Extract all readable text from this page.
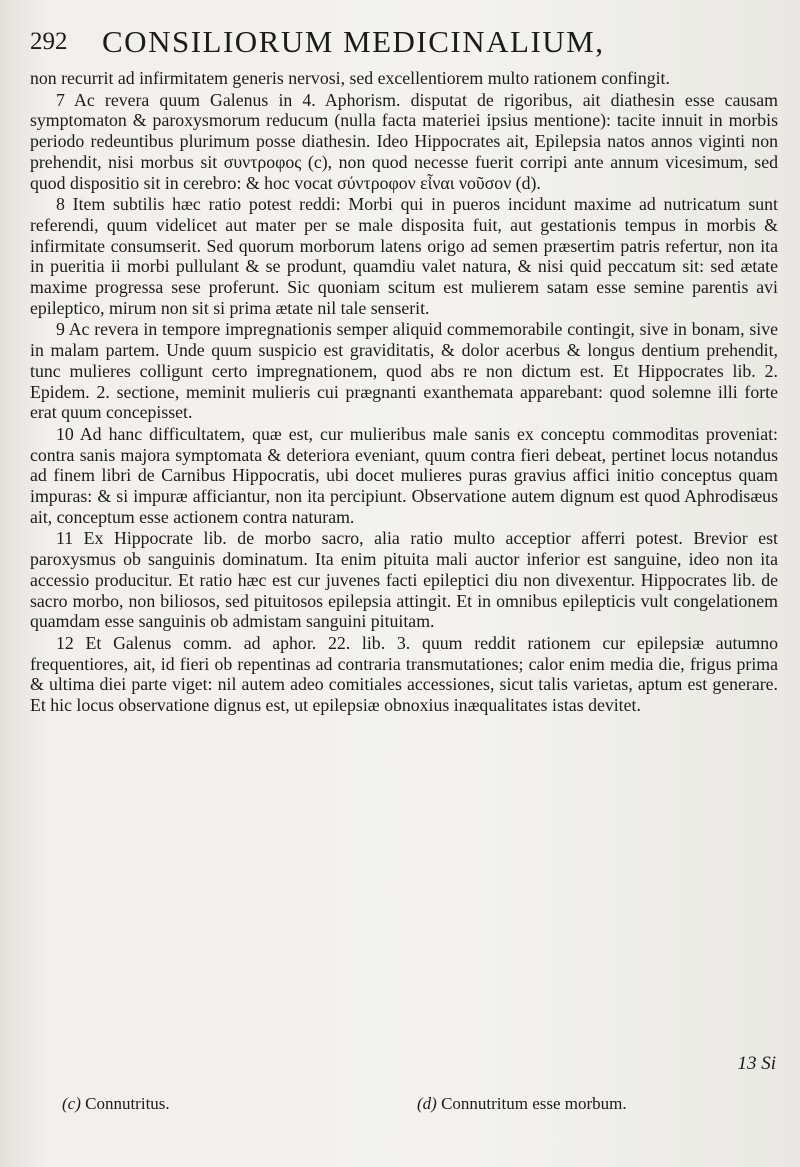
292 CONSILIORUM MEDICINALIUM,

non recurrit ad infirmitatem generis nervosi, sed excellentiorem multo rationem confingit.

7 Ac revera quum Galenus in 4. Aphorism. disputat de rigoribus, ait diathesin esse causam symptomaton & paroxysmorum reducum (nulla facta materiei ipsius mentione): tacite innuit in morbis periodo redeuntibus plurimum posse diathesin. Ideo Hippocrates ait, Epilepsia natos annos viginti non prehendit, nisi morbus sit συντροφος (c), non quod necesse fuerit corripi ante annum vicesimum, sed quod dispositio sit in cerebro: & hoc vocat σύντροφον εἶναι νοῦσον (d).

8 Item subtilis hæc ratio potest reddi: Morbi qui in pueros incidunt maxime ad nutricatum sunt referendi, quum videlicet aut mater per se male disposita fuit, aut gestationis tempus in morbis & infirmitate consumserit. Sed quorum morborum latens origo ad semen præsertim patris refertur, non ita in pueritia ii morbi pullulant & se produnt, quamdiu valet natura, & nisi quid peccatum sit: sed ætate maxime progressa sese proferunt. Sic quoniam scitum est mulierem satam esse semine parentis avi epileptico, mirum non sit si prima ætate nil tale senserit.

9 Ac revera in tempore impregnationis semper aliquid commemorabile contingit, sive in bonam, sive in malam partem. Unde quum suspicio est graviditatis, & dolor acerbus & longus dentium prehendit, tunc mulieres colligunt certo impregnationem, quod abs re non dictum est. Et Hippocrates lib. 2. Epidem. 2. sectione, meminit mulieris cui prægnanti exanthemata apparebant: quod solemne illi forte erat quum concepisset.

10 Ad hanc difficultatem, quæ est, cur mulieribus male sanis ex conceptu commoditas proveniat: contra sanis majora symptomata & deteriora eveniant, quum contra fieri debeat, pertinet locus notandus ad finem libri de Carnibus Hippocratis, ubi docet mulieres puras gravius affici initio conceptus quam impuras: & si impuræ afficiantur, non ita percipiunt. Observatione autem dignum est quod Aphrodisæus ait, conceptum esse actionem contra naturam.

11 Ex Hippocrate lib. de morbo sacro, alia ratio multo acceptior afferri potest. Brevior est paroxysmus ob sanguinis dominatum. Ita enim pituita mali auctor inferior est sanguine, ideo non ita accessio producitur. Et ratio hæc est cur juvenes facti epileptici diu non divexentur. Hippocrates lib. de sacro morbo, non biliosos, sed pituitosos epilepsia attingit. Et in omnibus epilepticis vult congelationem quamdam esse sanguinis ob admistam sanguini pituitam.

12 Et Galenus comm. ad aphor. 22. lib. 3. quum reddit rationem cur epilepsiæ autumno frequentiores, ait, id fieri ob repentinas ad contraria transmutationes; calor enim media die, frigus prima & ultima diei parte viget: nil autem adeo comitiales accessiones, sicut talis varietas, aptum est generare. Et hic locus observatione dignus est, ut epilepsiæ obnoxius inæqualitates istas devitet.

13 Si
(c) Connutritus.	(d) Connutritum esse morbum.
